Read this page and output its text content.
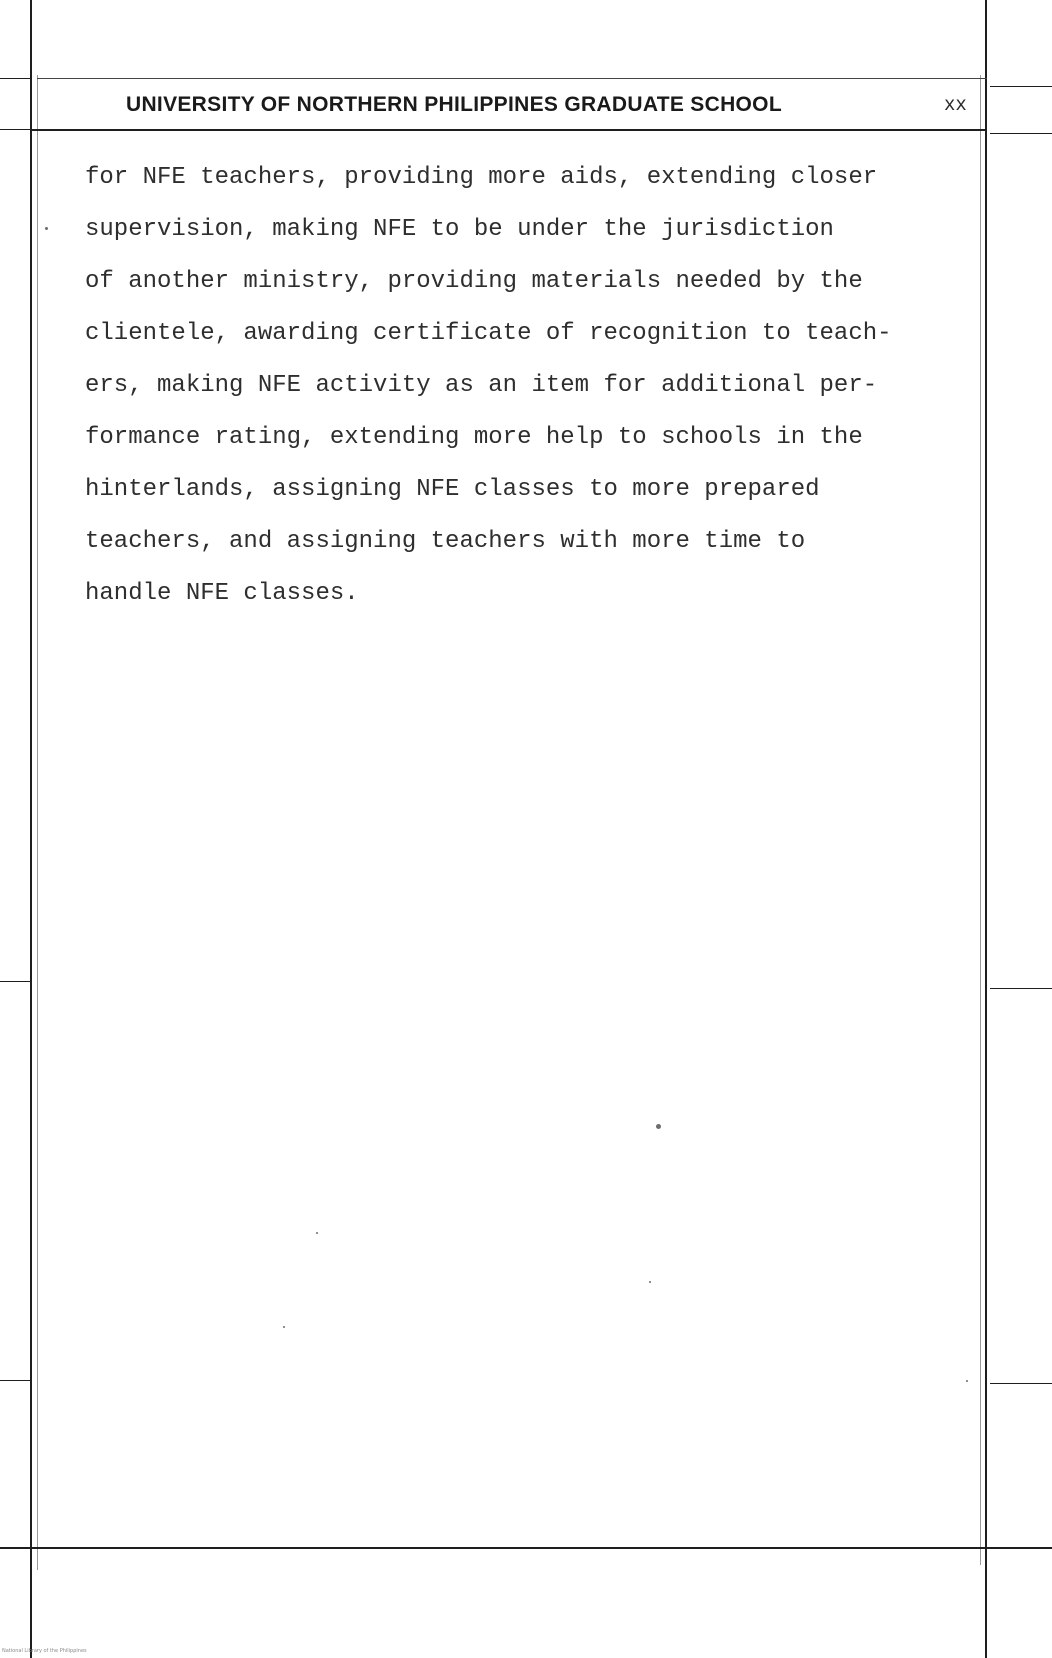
UNIVERSITY OF NORTHERN PHILIPPINES GRADUATE SCHOOL	xx
for NFE teachers, providing more aids, extending closer
supervision, making NFE to be under the jurisdiction
of another ministry, providing materials needed by the
clientele, awarding certificate of recognition to teach-
ers, making NFE activity as an item for additional per-
formance rating, extending more help to schools in the
hinterlands, assigning NFE classes to more prepared
teachers, and assigning teachers with more time to
handle NFE classes.
National Library of the Philippines
